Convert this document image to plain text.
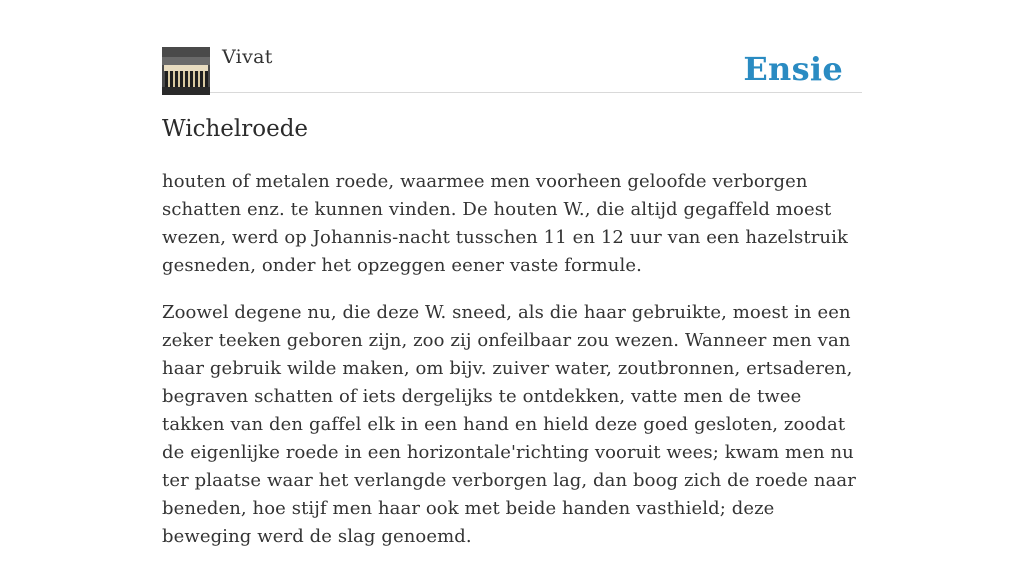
Vivat	Ensie
Wichelroede

houten of metalen roede, waarmee men voorheen geloofde verborgen schatten enz. te kunnen vinden. De houten W., die altijd gegaffeld moest wezen, werd op Johannis-nacht tusschen 11 en 12 uur van een hazelstruik gesneden, onder het opzeggen eener vaste formule.

Zoowel degene nu, die deze W. sneed, als die haar gebruikte, moest in een zeker teeken geboren zijn, zoo zij onfeilbaar zou wezen. Wanneer men van haar gebruik wilde maken, om bijv. zuiver water, zoutbronnen, ertsaderen, begraven schatten of iets dergelijks te ontdekken, vatte men de twee takken van den gaffel elk in een hand en hield deze goed gesloten, zoodat de eigenlijke roede in een horizontale'richting vooruit wees; kwam men nu ter plaatse waar het verlangde verborgen lag, dan boog zich de roede naar beneden, hoe stijf men haar ook met beide handen vasthield; deze beweging werd de slag genoemd.
